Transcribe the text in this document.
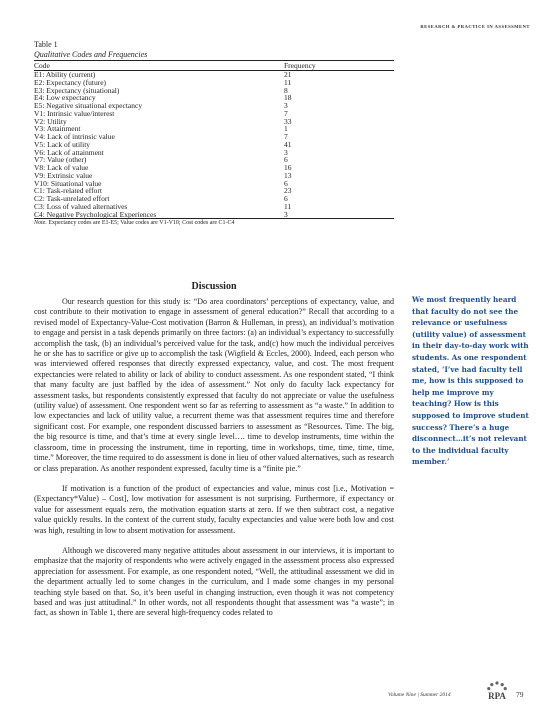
RESEARCH & PRACTICE IN ASSESSMENT
Table 1
Qualitative Codes and Frequencies
Code	Frequency
E1: Ability (current)	21
E2: Expectancy (future)	11
E3: Expectancy (situational)	8
E4: Low expectancy	18
E5: Negative situational expectancy	3
V1: Intrinsic value/interest	7
V2: Utility	33
V3: Attainment	1
V4: Lack of intrinsic value	7
V5: Lack of utility	41
V6: Lack of attainment	3
V7: Value (other)	6
V8: Lack of value	16
V9: Extrinsic value	13
V10: Situational value	6
C1: Task-related effort	23
C2: Task-unrelated effort	6
C3: Loss of valued alternatives	11
C4: Negative Psychological Experiences	3
Note. Expectancy codes are E1-E5; Value codes are V1-V10; Cost codes are C1-C4
Discussion

Our research question for this study is: “Do area coordinators’ perceptions of expectancy, value, and cost contribute to their motivation to engage in assessment of general education?” Recall that according to a revised model of Expectancy-Value-Cost motivation (Barron & Hulleman, in press), an individual’s motivation to engage and persist in a task depends primarily on three factors: (a) an individual’s expectancy to successfully accomplish the task, (b) an individual’s perceived value for the task, and(c) how much the individual perceives he or she has to sacrifice or give up to accomplish the task (Wigfield & Eccles, 2000). Indeed, each person who was interviewed offered responses that directly expressed expectancy, value, and cost. The most frequent expectancies were related to ability or lack of ability to conduct assessment. As one respondent stated, “I think that many faculty are just baffled by the idea of assessment.” Not only do faculty lack expectancy for assessment tasks, but respondents consistently expressed that faculty do not appreciate or value the usefulness (utility value) of assessment. One respondent went so far as referring to assessment as “a waste.” In addition to low expectancies and lack of utility value, a recurrent theme was that assessment requires time and therefore significant cost. For example, one respondent discussed barriers to assessment as “Resources. Time. The big, the big resource is time, and that’s time at every single level…. time to develop instruments, time within the classroom, time in processing the instrument, time in reporting, time in workshops, time, time, time, time, time.” Moreover, the time required to do assessment is done in lieu of other valued alternatives, such as research or class preparation. As another respondent expressed, faculty time is a “finite pie.”

If motivation is a function of the product of expectancies and value, minus cost [i.e., Motivation = (Expectancy*Value) – Cost], low motivation for assessment is not surprising. Furthermore, if expectancy or value for assessment equals zero, the motivation equation starts at zero. If we then subtract cost, a negative value quickly results. In the context of the current study, faculty expectancies and value were both low and cost was high, resulting in low to absent motivation for assessment.

Although we discovered many negative attitudes about assessment in our interviews, it is important to emphasize that the majority of respondents who were actively engaged in the assessment process also expressed appreciation for assessment. For example, as one respondent noted, “Well, the attitudinal assessment we did in the department actually led to some changes in the curriculum, and I made some changes in my personal teaching style based on that. So, it’s been useful in changing instruction, even though it was not competency based and was just attitudinal.” In other words, not all respondents thought that assessment was “a waste”; in fact, as shown in Table 1, there are several high-frequency codes related to

We most frequently heard that faculty do not see the relevance or usefulness (utility value) of assessment in their day-to-day work with students. As one respondent stated, ‘I’ve had faculty tell me, how is this supposed to help me improve my teaching? How is this supposed to improve student success? There’s a huge disconnect…it’s not relevant to the individual faculty member.’
Volume Nine | Summer 2014	RPA 79
